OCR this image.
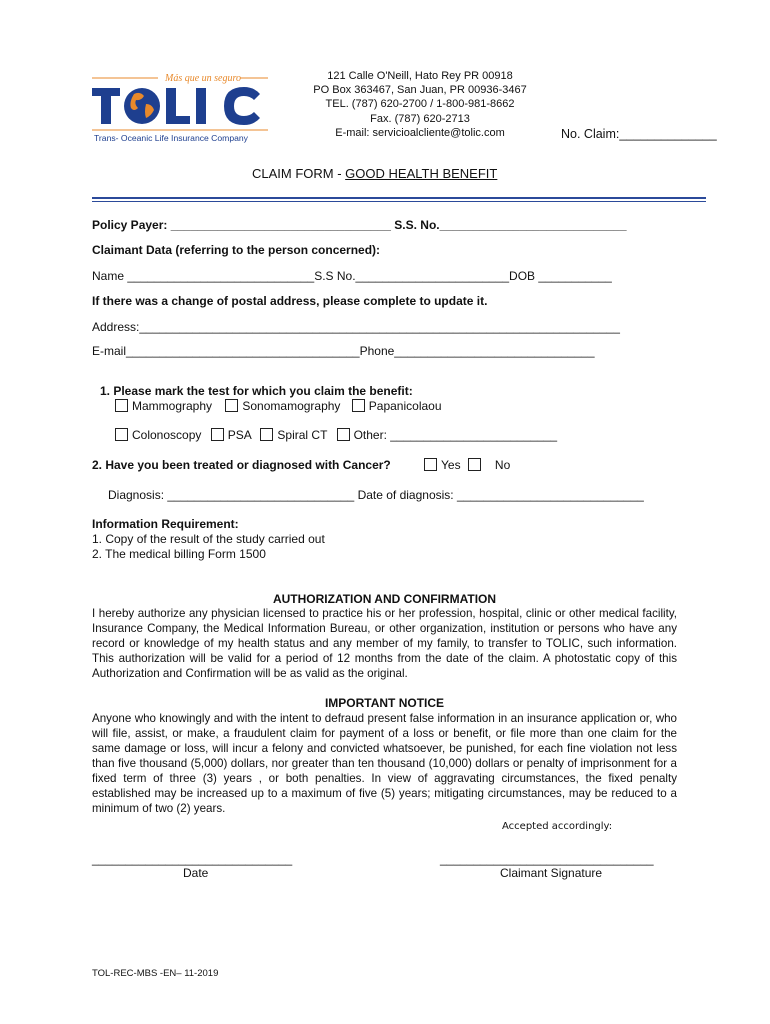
Más que un seguro
Trans- Oceanic Life Insurance Company
121 Calle O'Neill, Hato Rey PR 00918
PO Box 363467, San Juan, PR 00936-3467
TEL. (787) 620-2700 / 1-800-981-8662
Fax. (787) 620-2713
E-mail: servicioalcliente@tolic.com	No. Claim:______________
CLAIM FORM - GOOD HEALTH BENEFIT
Policy Payer: _________________________________ S.S. No.____________________________
Claimant Data (referring to the person concerned):
Name ____________________________S.S No._______________________DOB ___________
If there was a change of postal address, please complete to update it.
Address:________________________________________________________________________
E-mail___________________________________Phone______________________________
1. Please mark the test for which you claim the benefit:
Mammography	Sonomamography Papanicolaou
Colonoscopy PSA Spiral CT Other: _________________________
2. Have you been treated or diagnosed with Cancer?	Yes	No
Diagnosis: ____________________________ Date of diagnosis: ____________________________
Information Requirement:
1. Copy of the result of the study carried out
2. The medical billing Form 1500
AUTHORIZATION AND CONFIRMATION
I hereby authorize any physician licensed to practice his or her profession, hospital, clinic or other medical facility, Insurance Company, the Medical Information Bureau, or other organization, institution or persons who have any record or knowledge of my health status and any member of my family, to transfer to TOLIC, such information. This authorization will be valid for a period of 12 months from the date of the claim. A photostatic copy of this Authorization and Confirmation will be as valid as the original.
IMPORTANT NOTICE
Anyone who knowingly and with the intent to defraud present false information in an insurance application or, who will file, assist, or make, a fraudulent claim for payment of a loss or benefit, or file more than one claim for the same damage or loss, will incur a felony and convicted whatsoever, be punished, for each fine violation not less than five thousand (5,000) dollars, nor greater than ten thousand (10,000) dollars or penalty of imprisonment for a fixed term of three (3) years , or both penalties. In view of aggravating circumstances, the fixed penalty established may be increased up to a maximum of five (5) years; mitigating circumstances, may be reduced to a minimum of two (2) years.
Accepted accordingly:
______________________________
Date
________________________________
Claimant Signature
TOL-REC-MBS -EN– 11-2019
